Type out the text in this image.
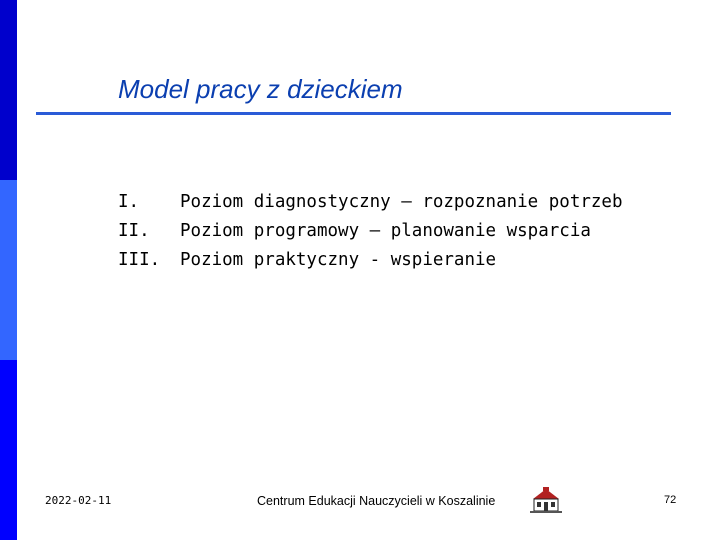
Model pracy z dzieckiem
I.	Poziom diagnostyczny – rozpoznanie potrzeb
II.	Poziom programowy – planowanie wsparcia
III.	Poziom praktyczny - wspieranie
2022-02-11	Centrum Edukacji Nauczycieli w Koszalinie	72
